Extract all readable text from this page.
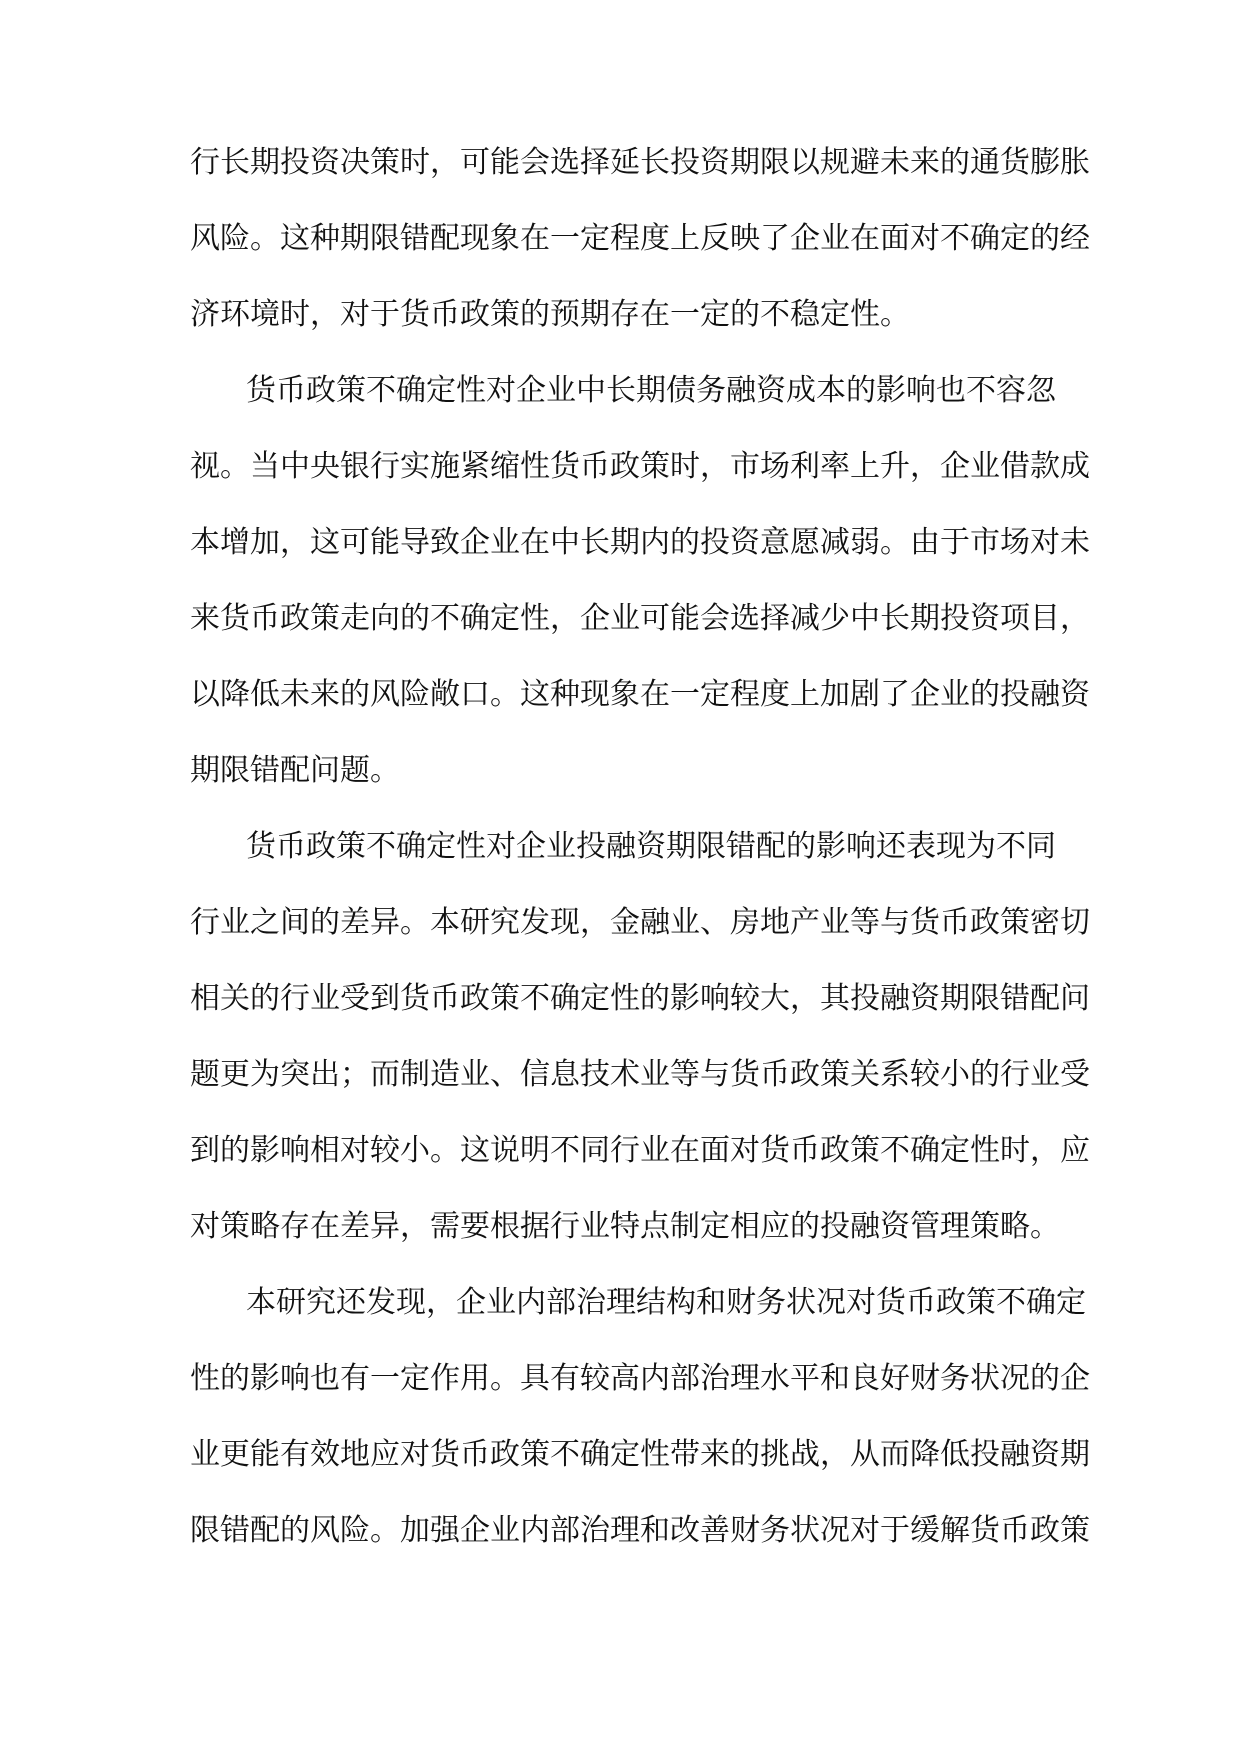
行长期投资决策时，可能会选择延长投资期限以规避未来的通货膨胀
风险。这种期限错配现象在一定程度上反映了企业在面对不确定的经
济环境时，对于货币政策的预期存在一定的不稳定性。
货币政策不确定性对企业中长期债务融资成本的影响也不容忽
视。当中央银行实施紧缩性货币政策时，市场利率上升，企业借款成
本增加，这可能导致企业在中长期内的投资意愿减弱。由于市场对未
来货币政策走向的不确定性，企业可能会选择减少中长期投资项目，
以降低未来的风险敞口。这种现象在一定程度上加剧了企业的投融资
期限错配问题。
货币政策不确定性对企业投融资期限错配的影响还表现为不同
行业之间的差异。本研究发现，金融业、房地产业等与货币政策密切
相关的行业受到货币政策不确定性的影响较大，其投融资期限错配问
题更为突出；而制造业、信息技术业等与货币政策关系较小的行业受
到的影响相对较小。这说明不同行业在面对货币政策不确定性时，应
对策略存在差异，需要根据行业特点制定相应的投融资管理策略。
本研究还发现，企业内部治理结构和财务状况对货币政策不确定
性的影响也有一定作用。具有较高内部治理水平和良好财务状况的企
业更能有效地应对货币政策不确定性带来的挑战，从而降低投融资期
限错配的风险。加强企业内部治理和改善财务状况对于缓解货币政策
